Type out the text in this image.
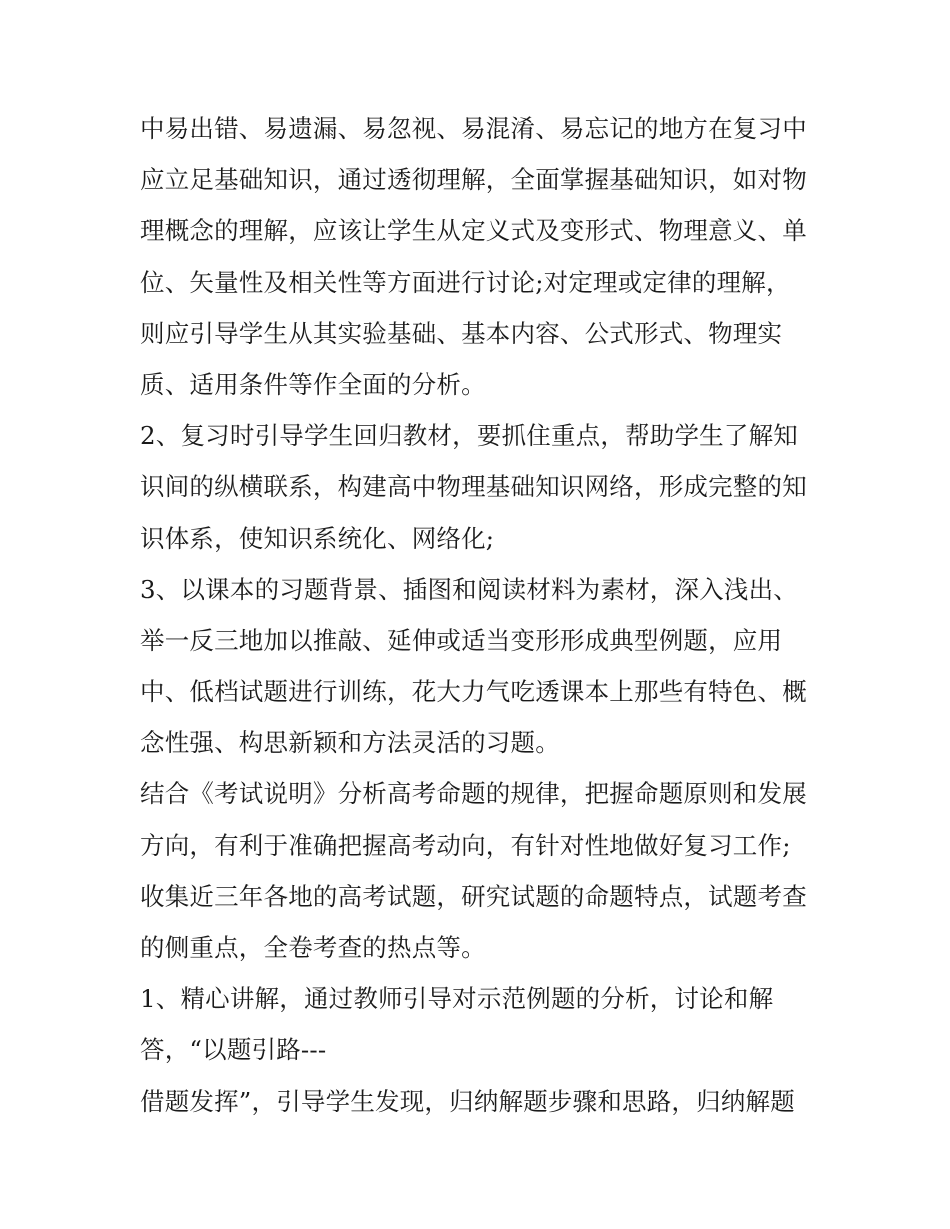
中易出错、易遗漏、易忽视、易混淆、易忘记的地方在复习中
应立足基础知识，通过透彻理解，全面掌握基础知识，如对物
理概念的理解，应该让学生从定义式及变形式、物理意义、单
位、矢量性及相关性等方面进行讨论;对定理或定律的理解，
则应引导学生从其实验基础、基本内容、公式形式、物理实
质、适用条件等作全面的分析。
2、复习时引导学生回归教材，要抓住重点，帮助学生了解知
识间的纵横联系，构建高中物理基础知识网络，形成完整的知
识体系，使知识系统化、网络化;
3、以课本的习题背景、插图和阅读材料为素材，深入浅出、
举一反三地加以推敲、延伸或适当变形形成典型例题，应用
中、低档试题进行训练，花大力气吃透课本上那些有特色、概
念性强、构思新颖和方法灵活的习题。
结合《考试说明》分析高考命题的规律，把握命题原则和发展
方向，有利于准确把握高考动向，有针对性地做好复习工作;
收集近三年各地的高考试题，研究试题的命题特点，试题考查
的侧重点，全卷考查的热点等。
1、精心讲解，通过教师引导对示范例题的分析，讨论和解
答，“以题引路---
借题发挥”，引导学生发现，归纳解题步骤和思路，归纳解题
